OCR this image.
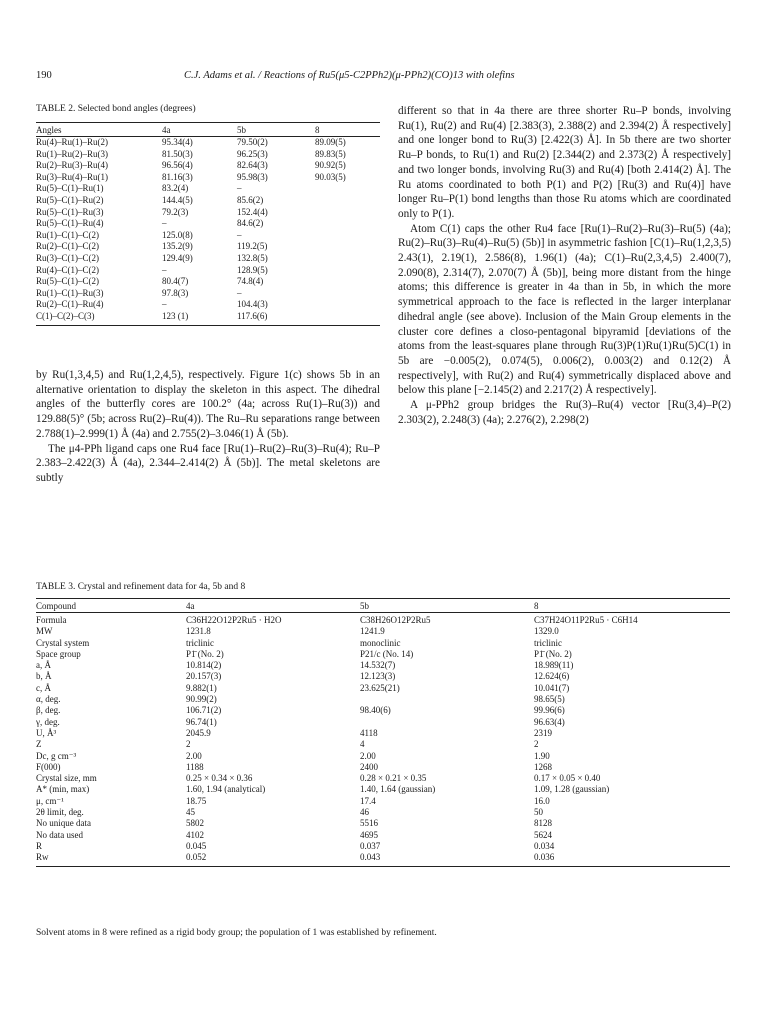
190	C.J. Adams et al. / Reactions of Ru5(μ5-C2PPh2)(μ-PPh2)(CO)13 with olefins
TABLE 2. Selected bond angles (degrees)
Angles	4a	5b	8
Ru(4)–Ru(1)–Ru(2)	95.34(4)	79.50(2)	89.09(5)
Ru(1)–Ru(2)–Ru(3)	81.50(3)	96.25(3)	89.83(5)
Ru(2)–Ru(3)–Ru(4)	96.56(4)	82.64(3)	90.92(5)
Ru(3)–Ru(4)–Ru(1)	81.16(3)	95.98(3)	90.03(5)
Ru(5)–C(1)–Ru(1)	83.2(4)	–	
Ru(5)–C(1)–Ru(2)	144.4(5)	85.6(2)	
Ru(5)–C(1)–Ru(3)	79.2(3)	152.4(4)	
Ru(5)–C(1)–Ru(4)	–	84.6(2)	
Ru(1)–C(1)–C(2)	125.0(8)	–	
Ru(2)–C(1)–C(2)	135.2(9)	119.2(5)	
Ru(3)–C(1)–C(2)	129.4(9)	132.8(5)	
Ru(4)–C(1)–C(2)	–	128.9(5)	
Ru(5)–C(1)–C(2)	80.4(7)	74.8(4)	
Ru(1)–C(1)–Ru(3)	97.8(3)	–	
Ru(2)–C(1)–Ru(4)	–	104.4(3)	
C(1)–C(2)–C(3)	123 (1)	117.6(6)	

by Ru(1,3,4,5) and Ru(1,2,4,5), respectively. Figure 1(c) shows 5b in an alternative orientation to display the skeleton in this aspect. The dihedral angles of the butterfly cores are 100.2° (4a; across Ru(1)–Ru(3)) and 129.88(5)° (5b; across Ru(2)–Ru(4)). The Ru–Ru separations range between 2.788(1)–2.999(1) Å (4a) and 2.755(2)–3.046(1) Å (5b).

The μ4-PPh ligand caps one Ru4 face [Ru(1)–Ru(2)–Ru(3)–Ru(4); Ru–P 2.383–2.422(3) Å (4a), 2.344–2.414(2) Å (5b)]. The metal skeletons are subtly

different so that in 4a there are three shorter Ru–P bonds, involving Ru(1), Ru(2) and Ru(4) [2.383(3), 2.388(2) and 2.394(2) Å respectively] and one longer bond to Ru(3) [2.422(3) Å]. In 5b there are two shorter Ru–P bonds, to Ru(1) and Ru(2) [2.344(2) and 2.373(2) Å respectively] and two longer bonds, involving Ru(3) and Ru(4) [both 2.414(2) Å]. The Ru atoms coordinated to both P(1) and P(2) [Ru(3) and Ru(4)] have longer Ru–P(1) bond lengths than those Ru atoms which are coordinated only to P(1).

Atom C(1) caps the other Ru4 face [Ru(1)–Ru(2)–Ru(3)–Ru(5) (4a); Ru(2)–Ru(3)–Ru(4)–Ru(5) (5b)] in asymmetric fashion [C(1)–Ru(1,2,3,5) 2.43(1), 2.19(1), 2.586(8), 1.96(1) (4a); C(1)–Ru(2,3,4,5) 2.400(7), 2.090(8), 2.314(7), 2.070(7) Å (5b)], being more distant from the hinge atoms; this difference is greater in 4a than in 5b, in which the more symmetrical approach to the face is reflected in the larger interplanar dihedral angle (see above). Inclusion of the Main Group elements in the cluster core defines a closo-pentagonal bipyramid [deviations of the atoms from the least-squares plane through Ru(3)P(1)Ru(1)Ru(5)C(1) in 5b are −0.005(2), 0.074(5), 0.006(2), 0.003(2) and 0.12(2) Å respectively], with Ru(2) and Ru(4) symmetrically displaced above and below this plane [−2.145(2) and 2.217(2) Å respectively].

A μ-PPh2 group bridges the Ru(3)–Ru(4) vector [Ru(3,4)–P(2) 2.303(2), 2.248(3) (4a); 2.276(2), 2.298(2)

TABLE 3. Crystal and refinement data for 4a, 5b and 8
Compound	4a	5b	8
Formula	C36H22O12P2Ru5 · H2O	C38H26O12P2Ru5	C37H24O11P2Ru5 · C6H14
MW	1231.8	1241.9	1329.0
Crystal system	triclinic	monoclinic	triclinic
Space group	P1̄ (No. 2)	P21/c (No. 14)	P1̄ (No. 2)
a, Å	10.814(2)	14.532(7)	18.989(11)
b, Å	20.157(3)	12.123(3)	12.624(6)
c, Å	9.882(1)	23.625(21)	10.041(7)
α, deg.	90.99(2)		98.65(5)
β, deg.	106.71(2)	98.40(6)	99.96(6)
γ, deg.	96.74(1)		96.63(4)
U, Å³	2045.9	4118	2319
Z	2	4	2
Dc, g cm⁻³	2.00	2.00	1.90
F(000)	1188	2400	1268
Crystal size, mm	0.25 × 0.34 × 0.36	0.28 × 0.21 × 0.35	0.17 × 0.05 × 0.40
A* (min, max)	1.60, 1.94 (analytical)	1.40, 1.64 (gaussian)	1.09, 1.28 (gaussian)
μ, cm⁻¹	18.75	17.4	16.0
2θ limit, deg.	45	46	50
No unique data	5802	5516	8128
No data used	4102	4695	5624
R	0.045	0.037	0.034
Rw	0.052	0.043	0.036
Solvent atoms in 8 were refined as a rigid body group; the population of 1 was established by refinement.
